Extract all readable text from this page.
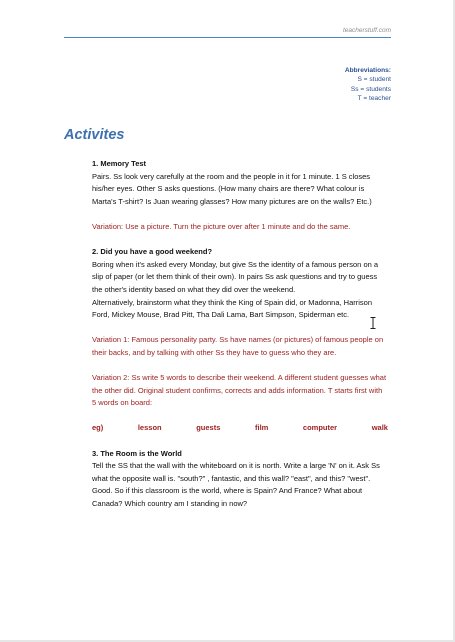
teacherstuff.com
Abbreviations:
S = student
Ss = students
T = teacher
Activites

1. Memory Test

Pairs. Ss look very carefully at the room and the people in it for 1 minute. 1 S closes his/her eyes. Other S asks questions. (How many chairs are there? What colour is Marta's T-shirt? Is Juan wearing glasses? How many pictures are on the walls? Etc.)

Variation: Use a picture. Turn the picture over after 1 minute and do the same.

2. Did you have a good weekend?

Boring when it's asked every Monday, but give Ss the identity of a famous person on a slip of paper (or let them think of their own). In pairs Ss ask questions and try to guess the other's identity based on what they did over the weekend.

Alternatively, brainstorm what they think the King of Spain did, or Madonna, Harrison Ford, Mickey Mouse, Brad Pitt, Tha Dali Lama, Bart Simpson, Spiderman etc.

Variation 1: Famous personality party. Ss have names (or pictures) of famous people on their backs, and by talking with other Ss they have to guess who they are.

Variation 2: Ss write 5 words to describe their weekend. A different student guesses what the other did. Original student confirms, corrects and adds information. T starts first with 5 words on board:

eg)	lesson	guests	film	computer	walk

3. The Room is the World

Tell the SS that the wall with the whiteboard on it is north. Write a large 'N' on it. Ask Ss what the opposite wall is. "south?" , fantastic, and this wall? "east", and this? "west". Good. So if this classroom is the world, where is Spain? And France? What about Canada? Which country am I standing in now?
